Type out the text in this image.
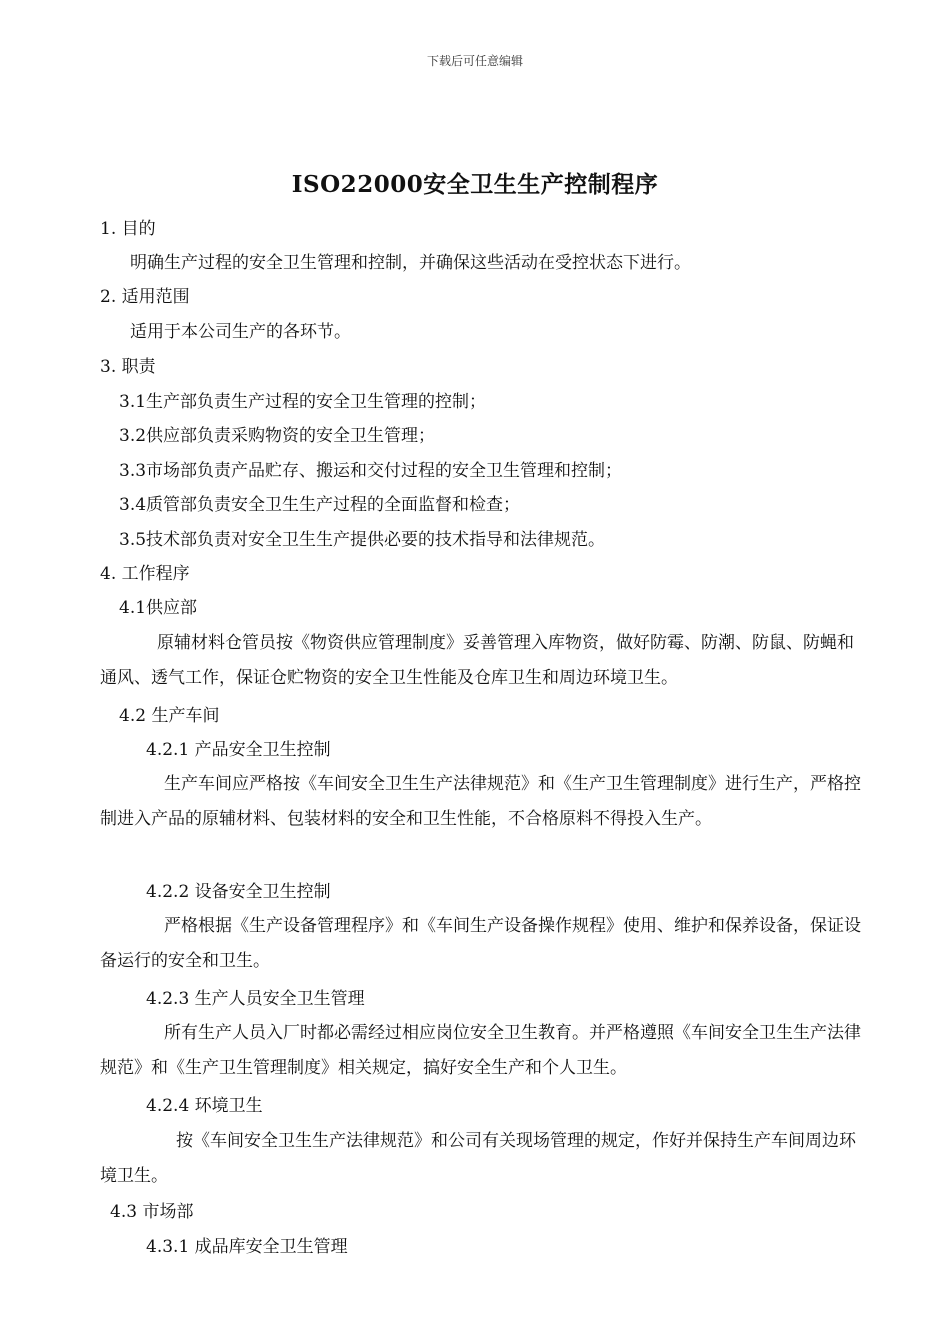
下载后可任意编辑
ISO22000安全卫生生产控制程序
1. 目的
明确生产过程的安全卫生管理和控制，并确保这些活动在受控状态下进行。
2. 适用范围
适用于本公司生产的各环节。
3. 职责
3.1生产部负责生产过程的安全卫生管理的控制；
3.2供应部负责采购物资的安全卫生管理；
3.3市场部负责产品贮存、搬运和交付过程的安全卫生管理和控制；
3.4质管部负责安全卫生生产过程的全面监督和检查；
3.5技术部负责对安全卫生生产提供必要的技术指导和法律规范。
4. 工作程序
4.1供应部
原辅材料仓管员按《物资供应管理制度》妥善管理入库物资，做好防霉、防潮、防鼠、防蝇和通风、透气工作，保证仓贮物资的安全卫生性能及仓库卫生和周边环境卫生。
4.2 生产车间
4.2.1 产品安全卫生控制
生产车间应严格按《车间安全卫生生产法律规范》和《生产卫生管理制度》进行生产，严格控制进入产品的原辅材料、包装材料的安全和卫生性能，不合格原料不得投入生产。
4.2.2 设备安全卫生控制
严格根据《生产设备管理程序》和《车间生产设备操作规程》使用、维护和保养设备，保证设备运行的安全和卫生。
4.2.3 生产人员安全卫生管理
所有生产人员入厂时都必需经过相应岗位安全卫生教育。并严格遵照《车间安全卫生生产法律规范》和《生产卫生管理制度》相关规定，搞好安全生产和个人卫生。
4.2.4 环境卫生
按《车间安全卫生生产法律规范》和公司有关现场管理的规定，作好并保持生产车间周边环境卫生。
4.3 市场部
4.3.1 成品库安全卫生管理
